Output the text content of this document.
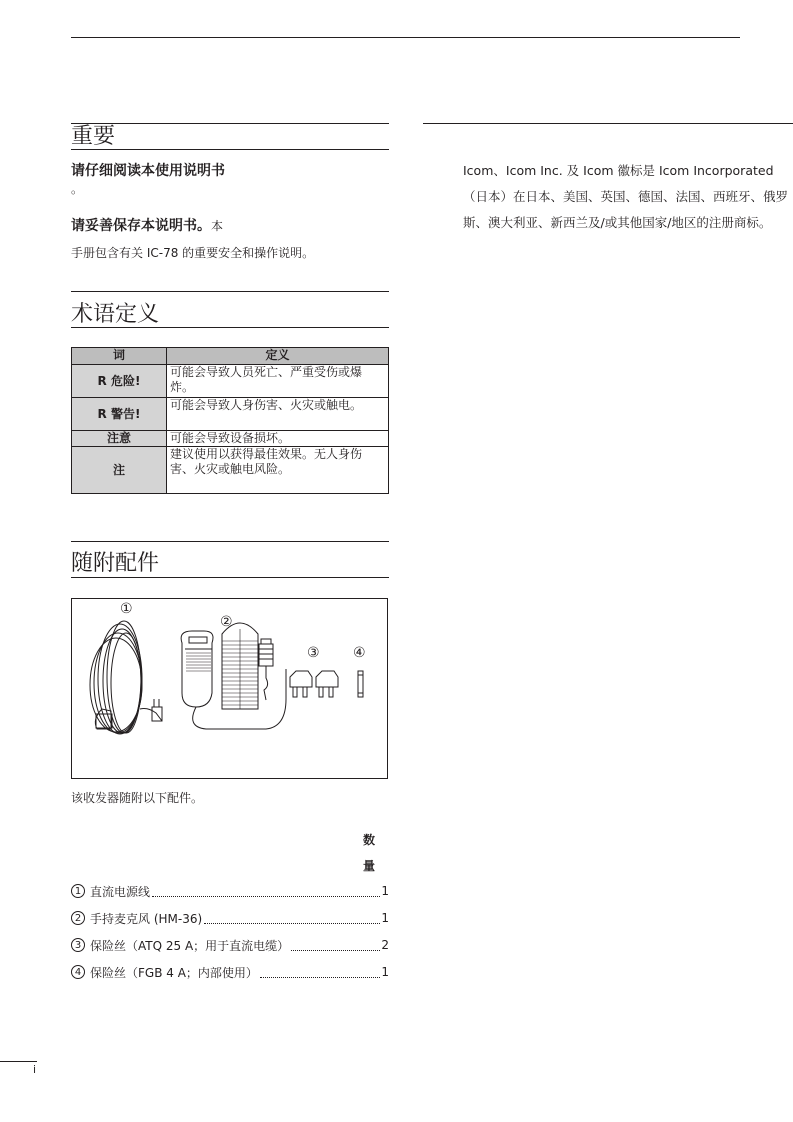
重要
请仔细阅读本使用说明书
。
请妥善保存本说明书。本
手册包含有关 IC-78 的重要安全和操作说明。
术语定义
词	定义
R 危险!	可能会导致人员死亡、严重受伤或爆炸。
R 警告!	可能会导致人身伤害、火灾或触电。
注意	可能会导致设备损坏。
注	建议使用以获得最佳效果。无人身伤害、火灾或触电风险。
随附配件
①
②
③ ④
该收发器随附以下配件。
数
量
1 直流电源线	1
2 手持麦克风 (HM-36)	1
3 保险丝（ATQ 25 A；用于直流电缆）	2
4 保险丝（FGB 4 A；内部使用）	1
Icom、Icom Inc. 及 Icom 徽标是 Icom Incorporated（日本）在日本、美国、英国、德国、法国、西班牙、俄罗斯、澳大利亚、新西兰及/或其他国家/地区的注册商标。
i
